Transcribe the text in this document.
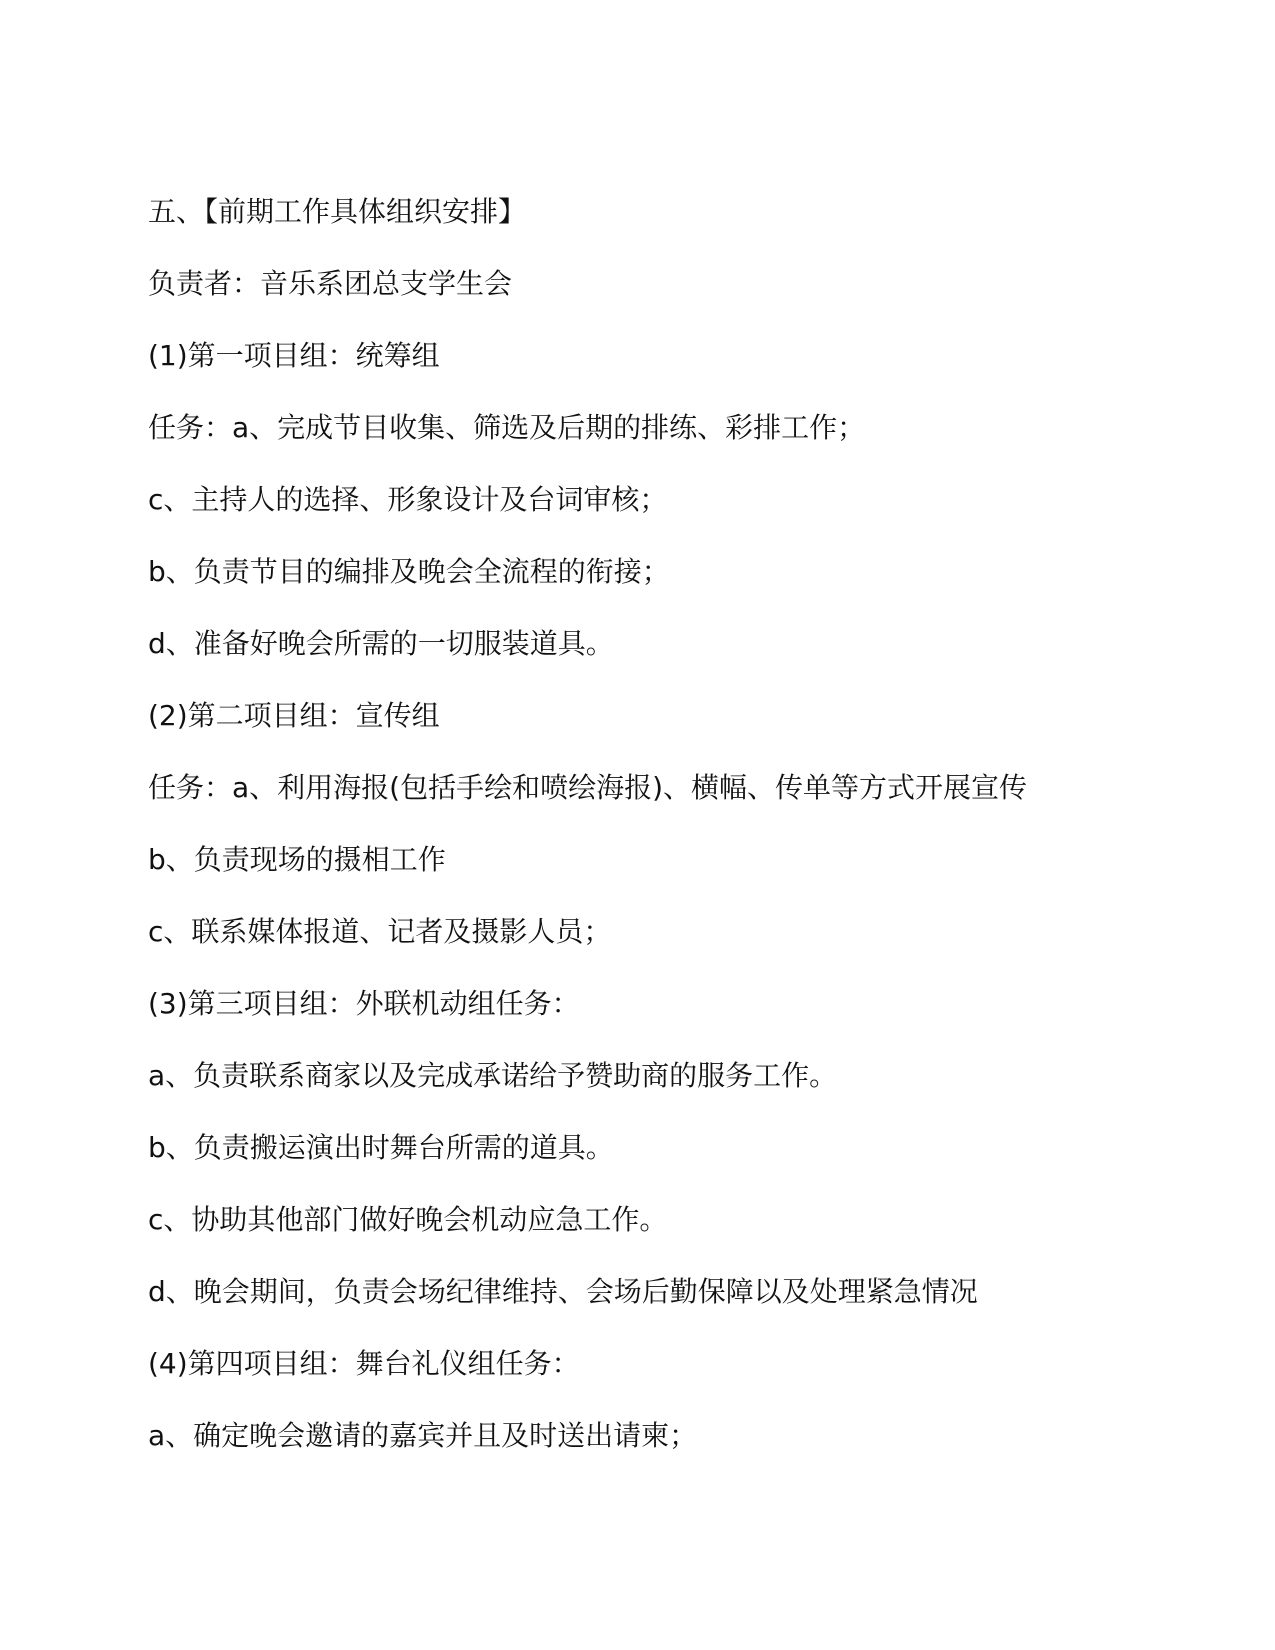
五、【前期工作具体组织安排】
负责者：音乐系团总支学生会
(1)第一项目组：统筹组
任务：a、完成节目收集、筛选及后期的排练、彩排工作；
c、主持人的选择、形象设计及台词审核；
b、负责节目的编排及晚会全流程的衔接；
d、准备好晚会所需的一切服装道具。
(2)第二项目组：宣传组
任务：a、利用海报(包括手绘和喷绘海报)、横幅、传单等方式开展宣传
b、负责现场的摄相工作
c、联系媒体报道、记者及摄影人员；
(3)第三项目组：外联机动组任务：
a、负责联系商家以及完成承诺给予赞助商的服务工作。
b、负责搬运演出时舞台所需的道具。
c、协助其他部门做好晚会机动应急工作。
d、晚会期间，负责会场纪律维持、会场后勤保障以及处理紧急情况
(4)第四项目组：舞台礼仪组任务：
a、确定晚会邀请的嘉宾并且及时送出请柬；
